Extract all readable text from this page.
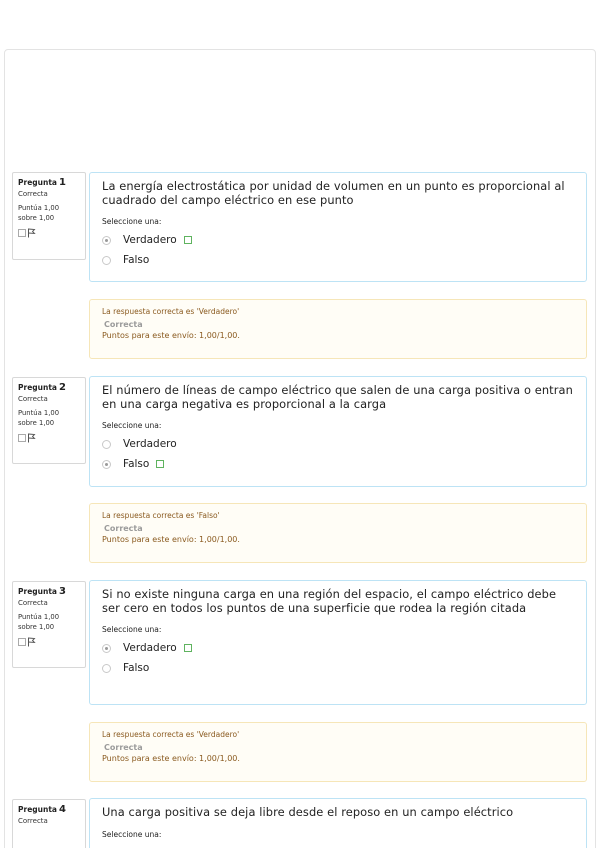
Pregunta 1
Correcta
Puntúa 1,00
sobre 1,00
La energía electrostática por unidad de volumen en un punto es proporcional al cuadrado del campo eléctrico en ese punto
Seleccione una:
Verdadero
Falso
La respuesta correcta es 'Verdadero'
Correcta
Puntos para este envío: 1,00/1,00.
Pregunta 2
Correcta
Puntúa 1,00
sobre 1,00
El número de líneas de campo eléctrico que salen de una carga positiva o entran en una carga negativa es proporcional a la carga
Seleccione una:
Verdadero
Falso
La respuesta correcta es 'Falso'
Correcta
Puntos para este envío: 1,00/1,00.
Pregunta 3
Correcta
Puntúa 1,00
sobre 1,00
Si no existe ninguna carga en una región del espacio, el campo eléctrico debe ser cero en todos los puntos de una superficie que rodea la región citada
Seleccione una:
Verdadero
Falso
La respuesta correcta es 'Verdadero'
Correcta
Puntos para este envío: 1,00/1,00.
Pregunta 4
Correcta
Una carga positiva se deja libre desde el reposo en un campo eléctrico
Seleccione una:
